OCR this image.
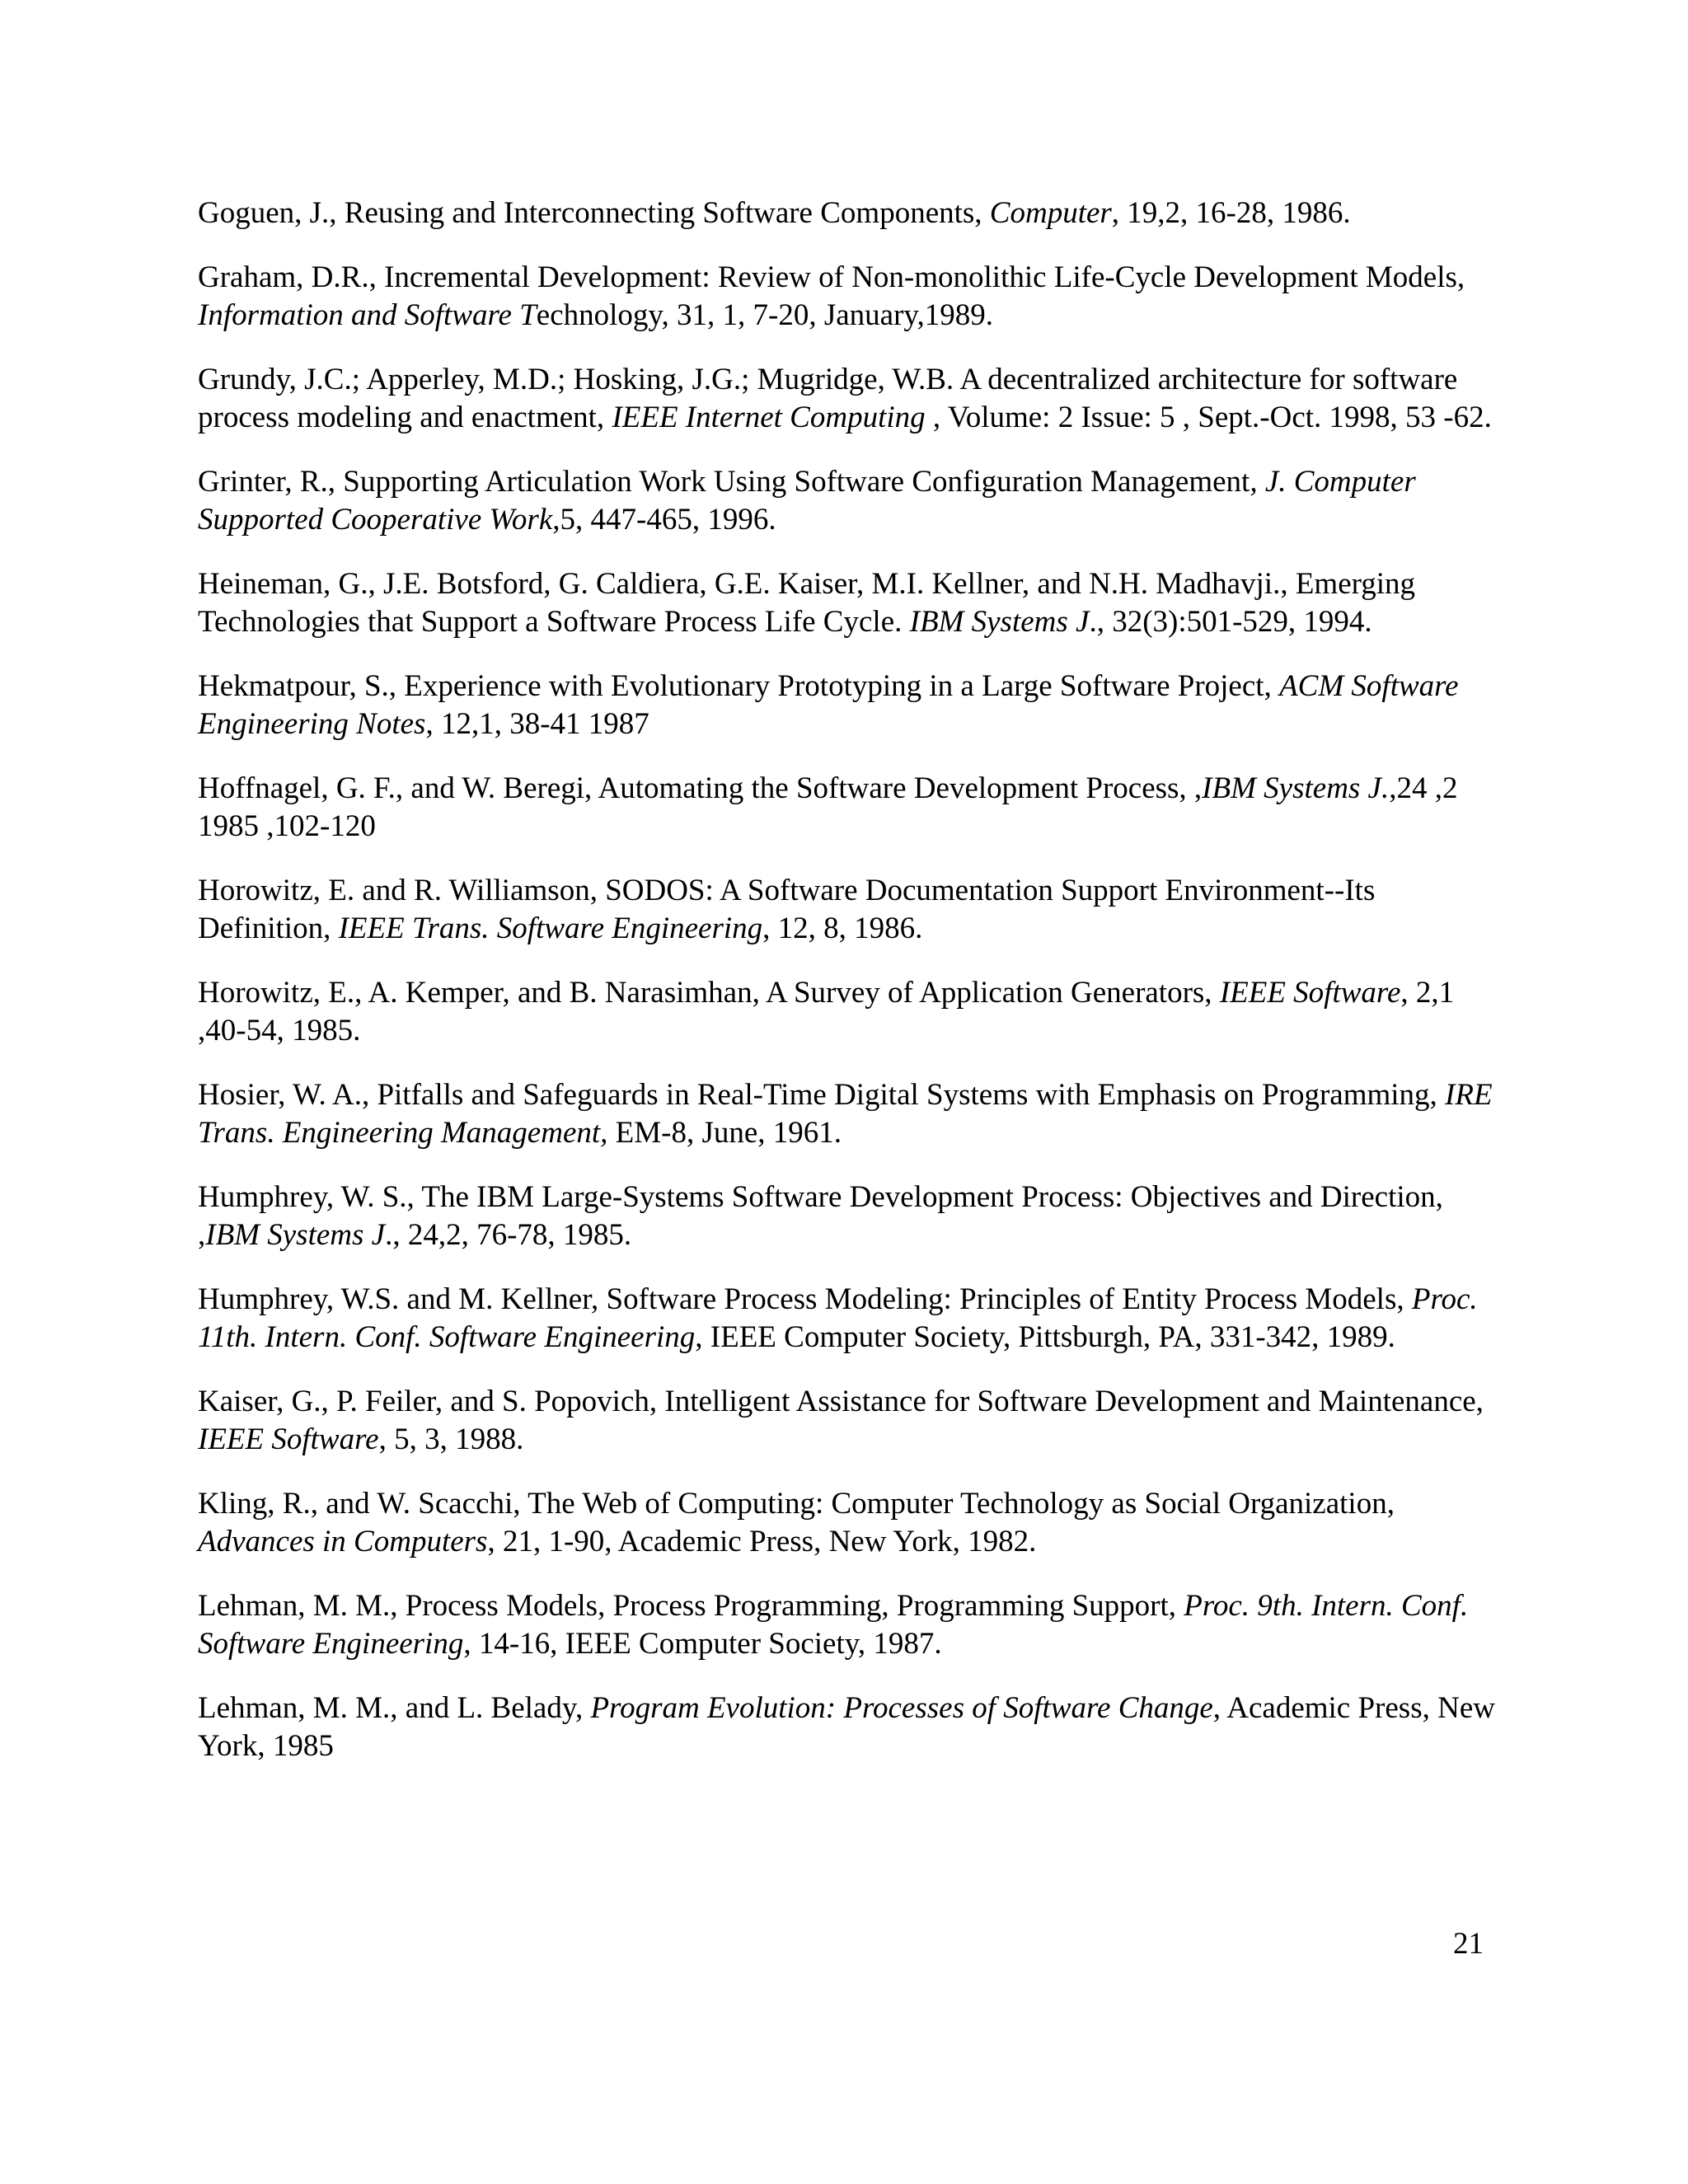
Goguen, J., Reusing and Interconnecting Software Components, Computer, 19,2, 16-28, 1986.
Graham, D.R., Incremental Development: Review of Non-monolithic Life-Cycle Development Models, Information and Software Technology, 31, 1, 7-20, January,1989.
Grundy, J.C.; Apperley, M.D.; Hosking, J.G.; Mugridge, W.B. A decentralized architecture for software process modeling and enactment, IEEE Internet Computing , Volume: 2 Issue: 5 , Sept.-Oct. 1998, 53 -62.
Grinter, R., Supporting Articulation Work Using Software Configuration Management, J. Computer Supported Cooperative Work,5, 447-465, 1996.
Heineman, G., J.E. Botsford, G. Caldiera, G.E. Kaiser, M.I. Kellner, and N.H. Madhavji., Emerging Technologies that Support a Software Process Life Cycle. IBM Systems J., 32(3):501-529, 1994.
Hekmatpour, S., Experience with Evolutionary Prototyping in a Large Software Project, ACM Software Engineering Notes, 12,1, 38-41 1987
Hoffnagel, G. F., and W. Beregi, Automating the Software Development Process, ,IBM Systems J.,24 ,2 1985 ,102-120
Horowitz, E. and R. Williamson, SODOS: A Software Documentation Support Environment--Its Definition, IEEE Trans. Software Engineering, 12, 8, 1986.
Horowitz, E., A. Kemper, and B. Narasimhan, A Survey of Application Generators, IEEE Software, 2,1 ,40-54, 1985.
Hosier, W. A., Pitfalls and Safeguards in Real-Time Digital Systems with Emphasis on Programming, IRE Trans. Engineering Management, EM-8, June, 1961.
Humphrey, W. S., The IBM Large-Systems Software Development Process: Objectives and Direction, ,IBM Systems J., 24,2, 76-78, 1985.
Humphrey, W.S. and M. Kellner, Software Process Modeling: Principles of Entity Process Models, Proc. 11th. Intern. Conf. Software Engineering, IEEE Computer Society, Pittsburgh, PA, 331-342, 1989.
Kaiser, G., P. Feiler, and S. Popovich, Intelligent Assistance for Software Development and Maintenance, IEEE Software, 5, 3, 1988.
Kling, R., and W. Scacchi, The Web of Computing: Computer Technology as Social Organization, Advances in Computers, 21, 1-90, Academic Press, New York, 1982.
Lehman, M. M., Process Models, Process Programming, Programming Support, Proc. 9th. Intern. Conf. Software Engineering, 14-16, IEEE Computer Society, 1987.
Lehman, M. M., and L. Belady, Program Evolution: Processes of Software Change, Academic Press, New York, 1985
21
